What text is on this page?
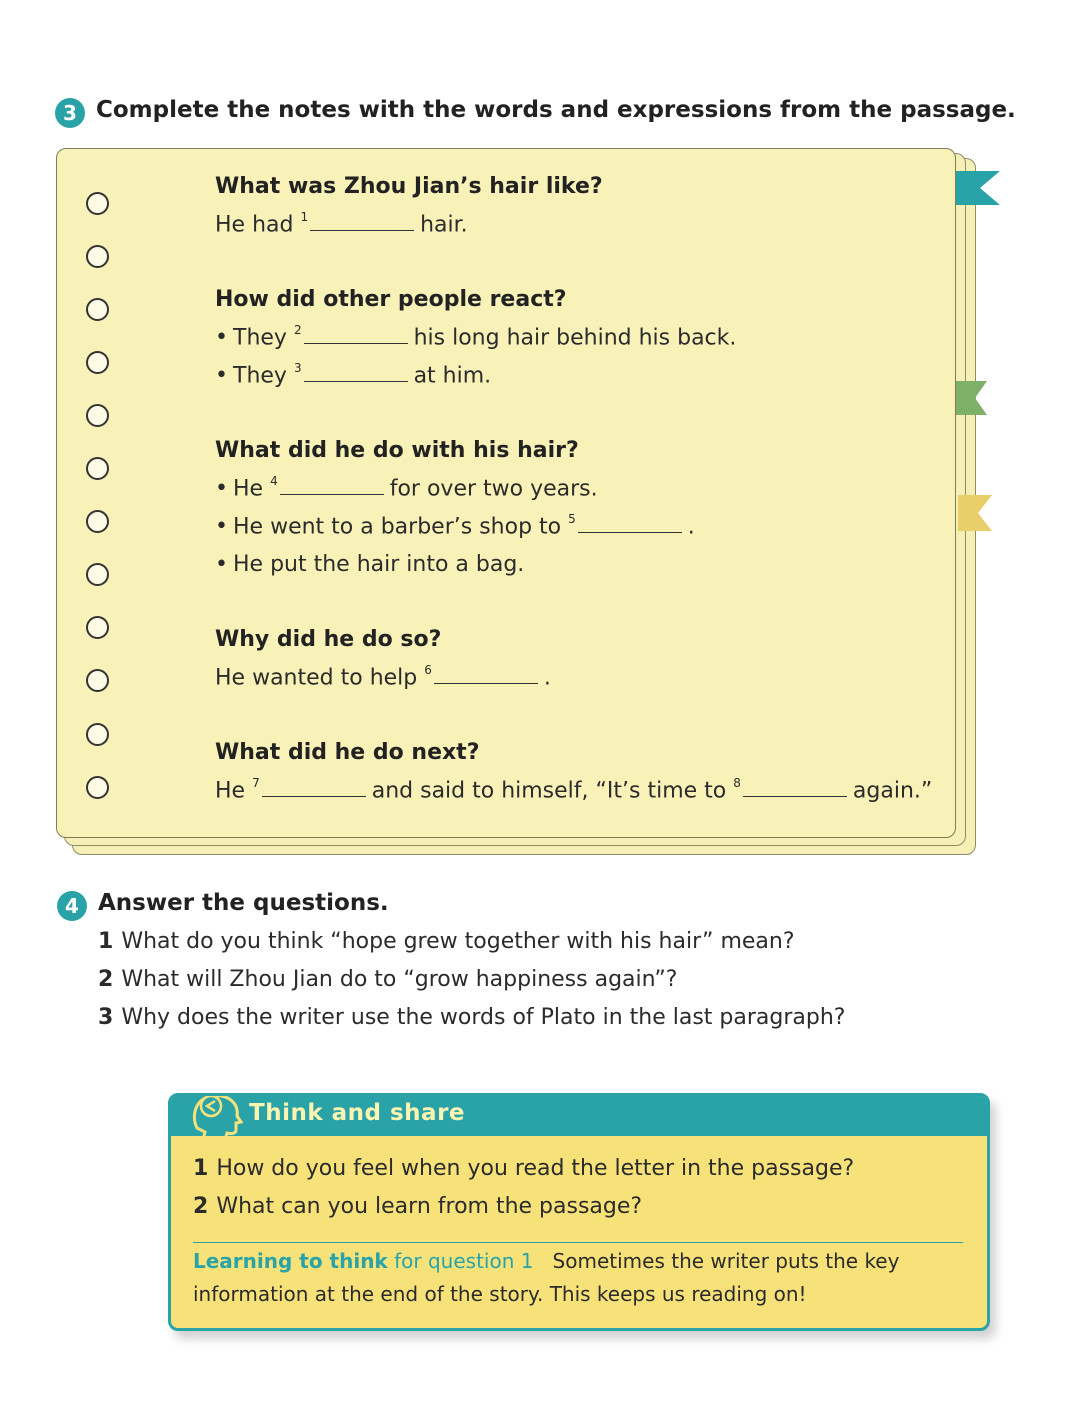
3 Complete the notes with the words and expressions from the passage.
What was Zhou Jian’s hair like?
He had $^1$	hair.
How did other people react?
• They $^2$	his long hair behind his back.
• They $^3$	at him.
What did he do with his hair?
• He $^4$	for over two years.
• He went to a barber’s shop to $^5$	.
• He put the hair into a bag.
Why did he do so?
He wanted to help $^6$	.
What did he do next?
He $^7$	and said to himself, “It’s time to $^8$	again.”
4 Answer the questions.
1 What do you think “hope grew together with his hair” mean?
2 What will Zhou Jian do to “grow happiness again”?
3 Why does the writer use the words of Plato in the last paragraph?
Think and share
1 How do you feel when you read the letter in the passage?
2 What can you learn from the passage?
Learning to think for question 1 Sometimes the writer puts the key
information at the end of the story. This keeps us reading on!
